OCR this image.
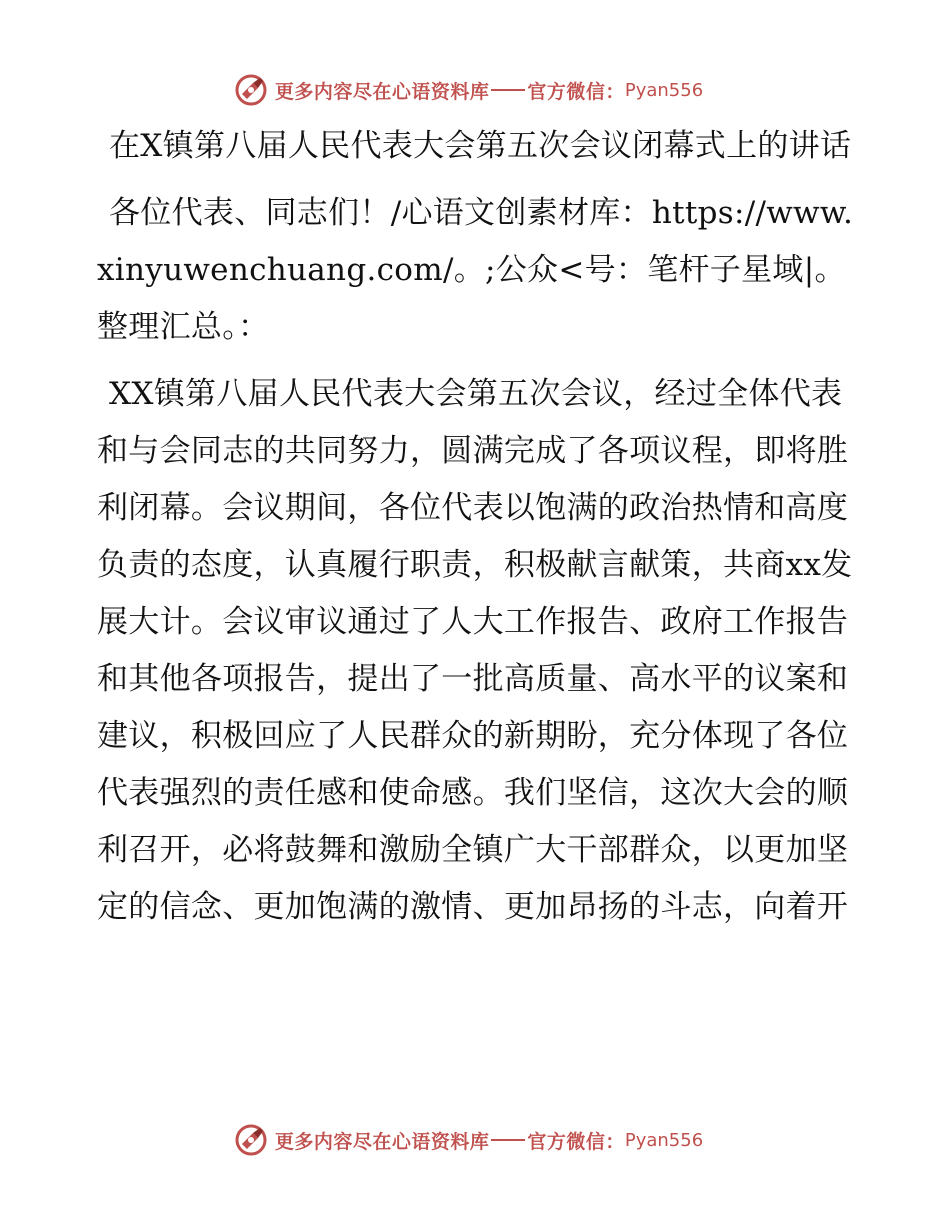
更多内容尽在心语资料库 官方微信： Pyan556

在X镇第八届人民代表大会第五次会议闭幕式上的讲话

各位代表、同志们！/心语文创素材库：https://www.xinyuwenchuang.com/。;公众<号：笔杆子星域|。整理汇总。：

XX镇第八届人民代表大会第五次会议，经过全体代表和与会同志的共同努力，圆满完成了各项议程，即将胜利闭幕。会议期间，各位代表以饱满的政治热情和高度负责的态度，认真履行职责，积极献言献策，共商xx发展大计。会议审议通过了人大工作报告、政府工作报告和其他各项报告，提出了一批高质量、高水平的议案和建议，积极回应了人民群众的新期盼，充分体现了各位代表强烈的责任感和使命感。我们坚信，这次大会的顺利召开，必将鼓舞和激励全镇广大干部群众，以更加坚定的信念、更加饱满的激情、更加昂扬的斗志，向着开

更多内容尽在心语资料库 官方微信： Pyan556
